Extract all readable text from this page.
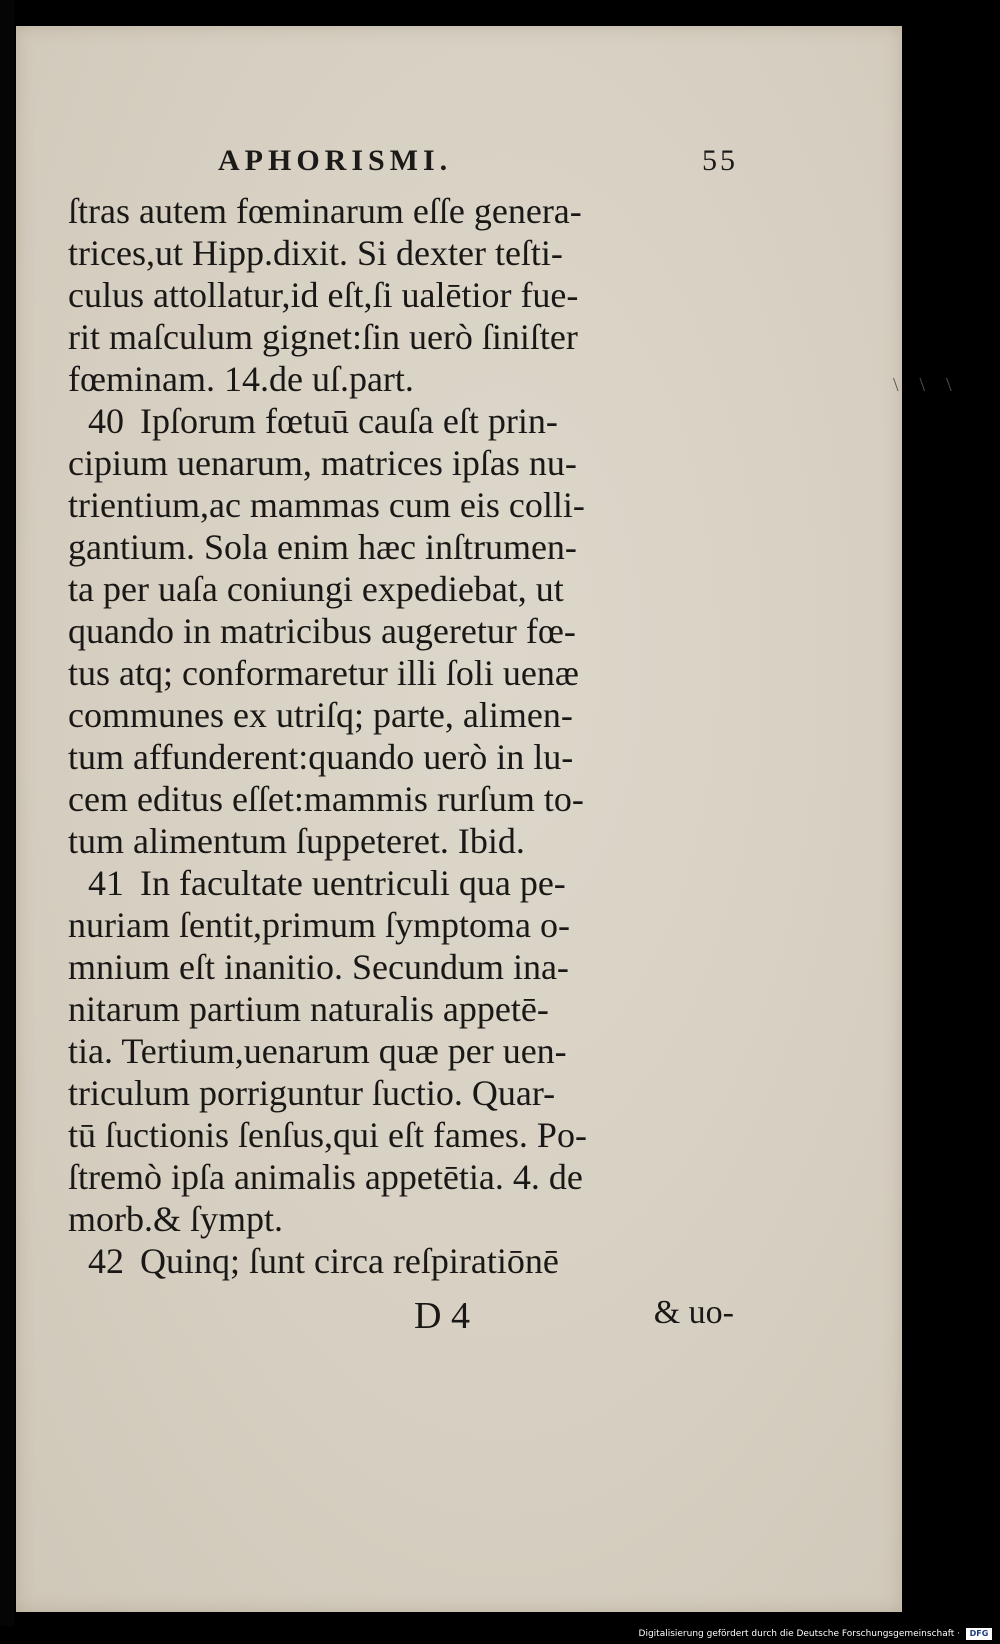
APHORISMI.	55
ſtras autem fœminarum eſſe genera-
trices,ut Hipp.dixit. Si dexter teſti-
culus attollatur,id eſt,ſi ualētior fue-
rit maſculum gignet:ſin uerò ſiniſter
fœminam. 14.de uſ.part.
40 Ipſorum fœtuū cauſa eſt prin-
cipium uenarum, matrices ipſas nu-
trientium,ac mammas cum eis colli-
gantium. Sola enim hæc inſtrumen-
ta per uaſa coniungi expediebat, ut
quando in matricibus augeretur fœ-
tus atq; conformaretur illi ſoli uenæ
communes ex utriſq; parte, alimen-
tum affunderent:quando uerò in lu-
cem editus eſſet:mammis rurſum to-
tum alimentum ſuppeteret. Ibid.
41 In facultate uentriculi qua pe-
nuriam ſentit,primum ſymptoma o-
mnium eſt inanitio. Secundum ina-
nitarum partium naturalis appetē-
tia. Tertium,uenarum quæ per uen-
triculum porriguntur ſuctio. Quar-
tū ſuctionis ſenſus,qui eſt fames. Po-
ſtremò ipſa animalis appetētia. 4. de
morb.& ſympt.
42 Quinq; ſunt circa reſpiratiōnē
D 4	& uo-
\ \ \
Digitalisierung gefördert durch die Deutsche Forschungsgemeinschaft ·	DFG
